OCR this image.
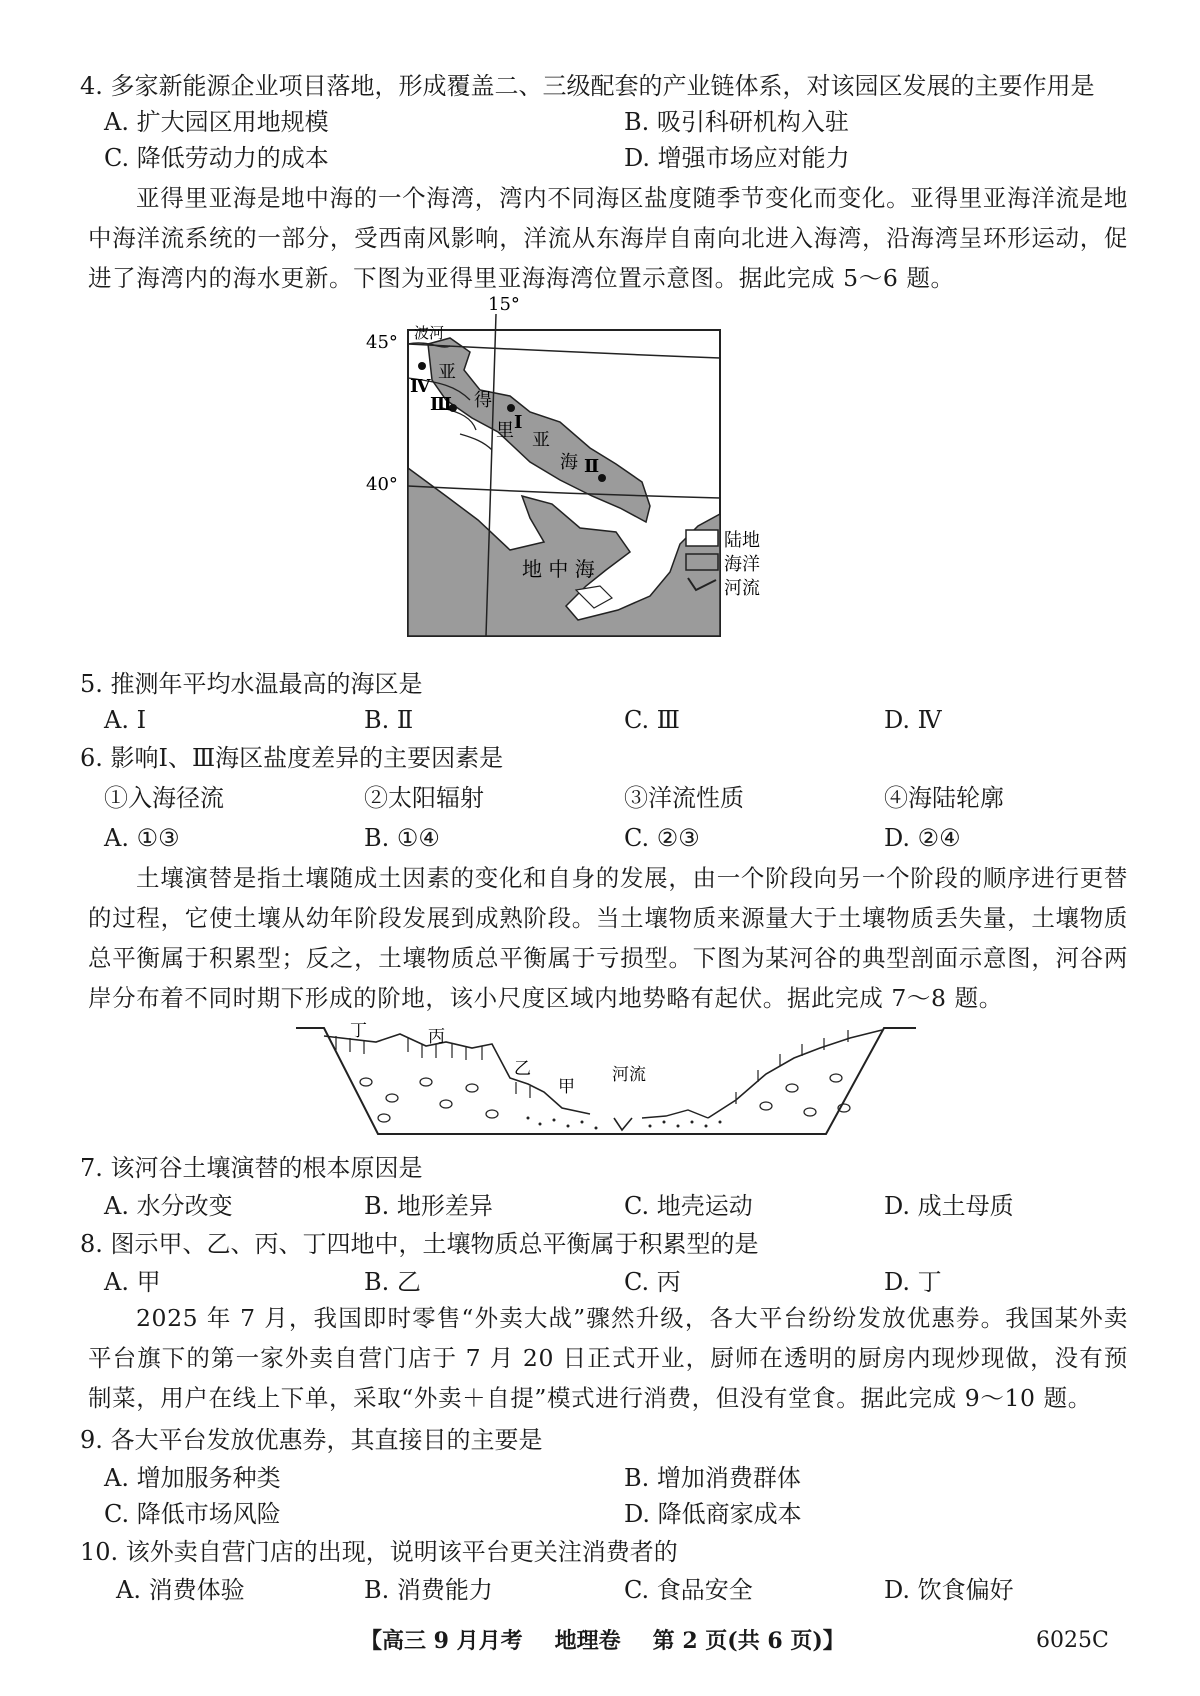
4. 多家新能源企业项目落地，形成覆盖二、三级配套的产业链体系，对该园区发展的主要作用是
A. 扩大园区用地规模	B. 吸引科研机构入驻
C. 降低劳动力的成本	D. 增强市场应对能力
亚得里亚海是地中海的一个海湾，湾内不同海区盐度随季节变化而变化。亚得里亚海洋流是地中海洋流系统的一部分，受西南风影响，洋流从东海岸自南向北进入海湾，沿海湾呈环形运动，促进了海湾内的海水更新。下图为亚得里亚海海湾位置示意图。据此完成 5～6 题。
15°
45°
40°
波河
亚
得
里 亚
海
Ⅳ
Ⅲ
Ⅰ
Ⅱ
地 中 海
陆地
海洋
河流
5. 推测年平均水温最高的海区是
A. Ⅰ	B. Ⅱ	C. Ⅲ	D. Ⅳ
6. 影响Ⅰ、Ⅲ海区盐度差异的主要因素是
①入海径流	②太阳辐射	③洋流性质	④海陆轮廓
A. ①③	B. ①④	C. ②③	D. ②④
土壤演替是指土壤随成土因素的变化和自身的发展，由一个阶段向另一个阶段的顺序进行更替的过程，它使土壤从幼年阶段发展到成熟阶段。当土壤物质来源量大于土壤物质丢失量，土壤物质总平衡属于积累型；反之，土壤物质总平衡属于亏损型。下图为某河谷的典型剖面示意图，河谷两岸分布着不同时期下形成的阶地，该小尺度区域内地势略有起伏。据此完成 7～8 题。
丁	丙
乙
甲
河流
7. 该河谷土壤演替的根本原因是
A. 水分改变	B. 地形差异	C. 地壳运动	D. 成土母质
8. 图示甲、乙、丙、丁四地中，土壤物质总平衡属于积累型的是
A. 甲	B. 乙	C. 丙	D. 丁
2025 年 7 月，我国即时零售“外卖大战”骤然升级，各大平台纷纷发放优惠券。我国某外卖平台旗下的第一家外卖自营门店于 7 月 20 日正式开业，厨师在透明的厨房内现炒现做，没有预制菜，用户在线上下单，采取“外卖＋自提”模式进行消费，但没有堂食。据此完成 9～10 题。
9. 各大平台发放优惠券，其直接目的主要是
A. 增加服务种类	B. 增加消费群体
C. 降低市场风险	D. 降低商家成本
10. 该外卖自营门店的出现，说明该平台更关注消费者的
A. 消费体验	B. 消费能力	C. 食品安全	D. 饮食偏好
【高三 9 月月考 地理卷 第 2 页(共 6 页)】	6025C
